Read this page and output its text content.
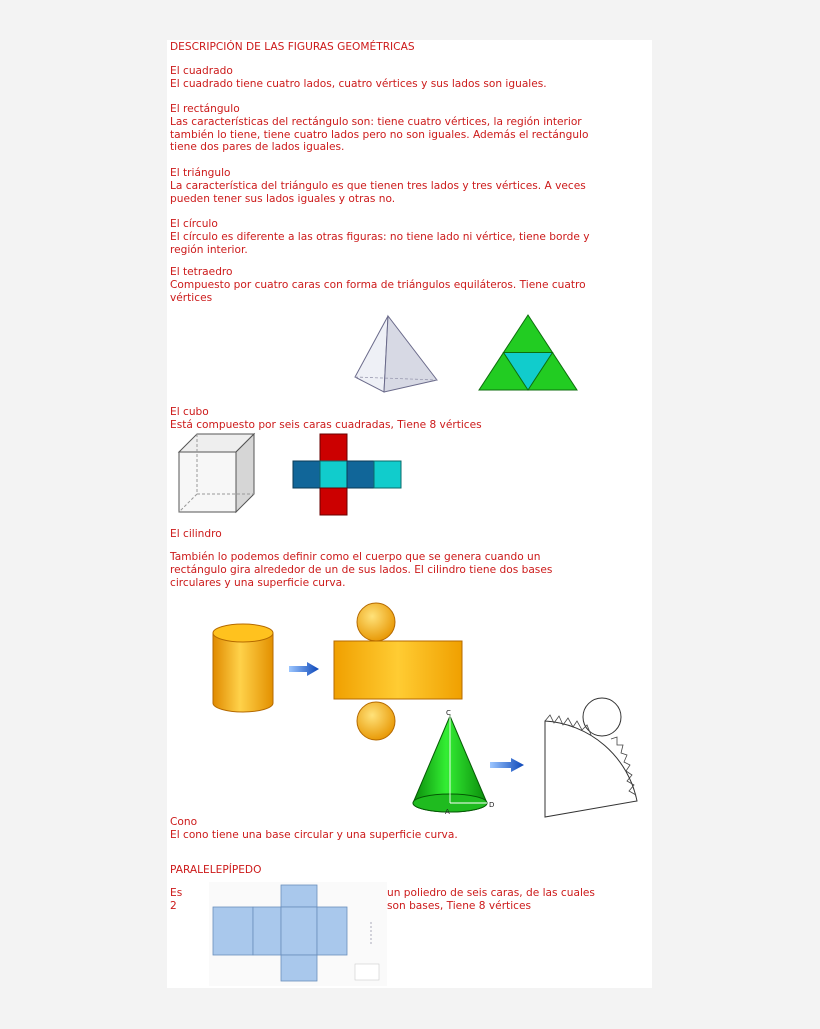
DESCRIPCIÓN DE LAS FIGURAS GEOMÉTRICAS

El cuadrado

El cuadrado tiene cuatro lados, cuatro vértices y sus lados son iguales.

El rectángulo

Las características del rectángulo son: tiene cuatro vértices, la región interior

también lo tiene, tiene cuatro lados pero no son iguales. Además el rectángulo

tiene dos pares de lados iguales.

El triángulo

La característica del triángulo es que tienen tres lados y tres vértices. A veces

pueden tener sus lados iguales y otras no.

El círculo

El círculo es diferente a las otras figuras: no tiene lado ni vértice, tiene borde y

región interior.

El tetraedro

Compuesto por cuatro caras con forma de triángulos equiláteros. Tiene cuatro

vértices

El cubo

Está compuesto por seis caras cuadradas, Tiene 8 vértices

El cilindro

También lo podemos definir como el cuerpo que se genera cuando un

rectángulo gira alrededor de un de sus lados. El cilindro tiene dos bases

circulares y una superficie curva.

C
A
D

Cono

El cono tiene una base circular y una superficie curva.

PARALELEPÍPEDO

Es

2

un poliedro de seis caras, de las cuales

son bases, Tiene 8 vértices
